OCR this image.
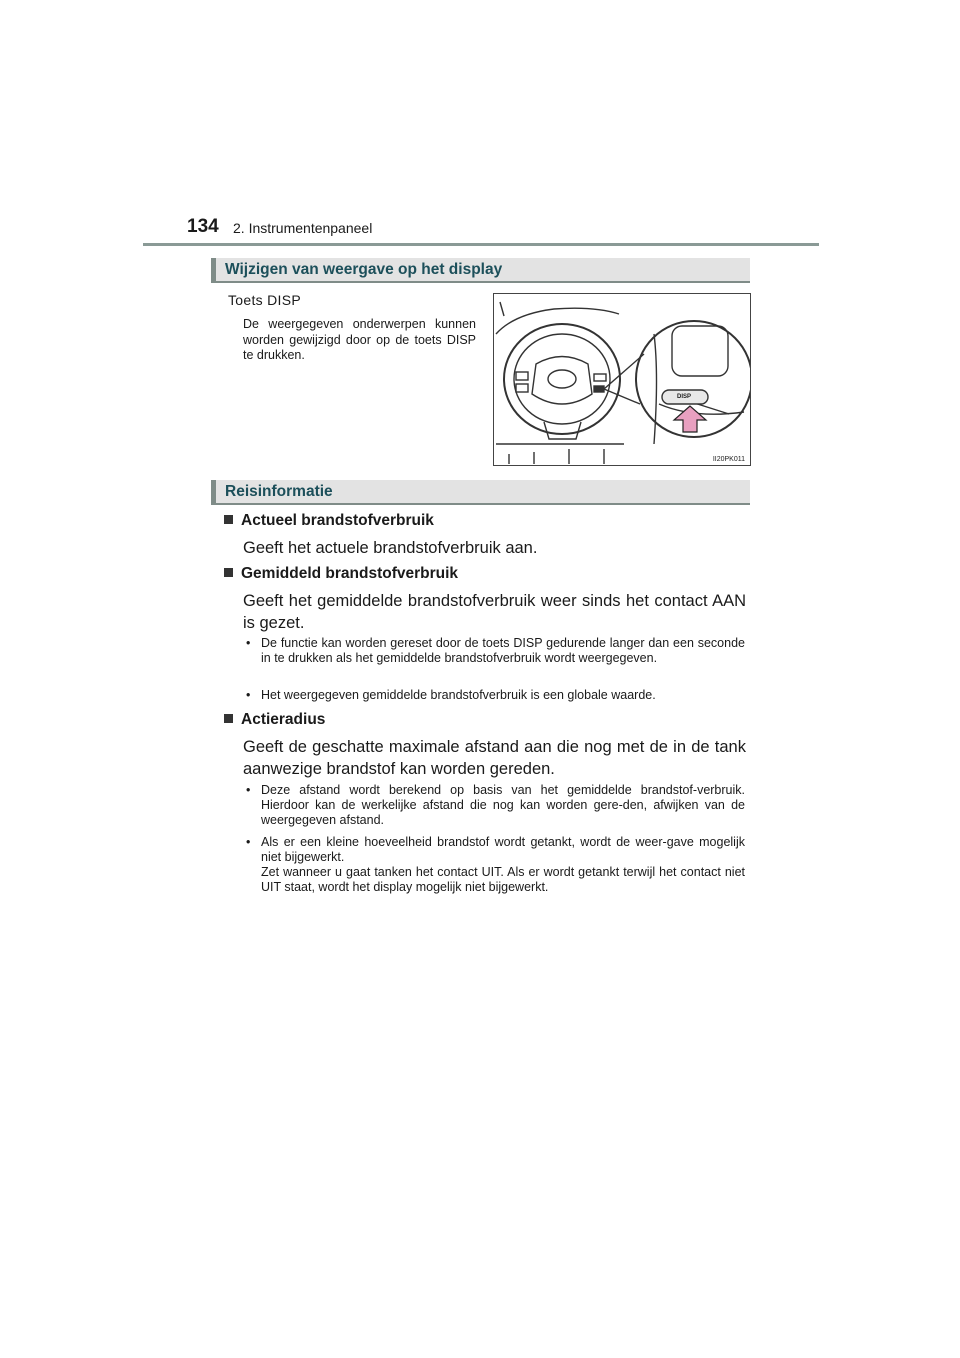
134 2. Instrumentenpaneel
Wijzigen van weergave op het display
Toets DISP
De weergegeven onderwerpen kunnen worden gewijzigd door op de toets DISP te drukken.
DISP
II20PK011
Reisinformatie
Actueel brandstofverbruik
Geeft het actuele brandstofverbruik aan.
Gemiddeld brandstofverbruik
Geeft het gemiddelde brandstofverbruik weer sinds het contact AAN is gezet.
• De functie kan worden gereset door de toets DISP gedurende langer dan een seconde in te drukken als het gemiddelde brandstofverbruik wordt weergegeven.
• Het weergegeven gemiddelde brandstofverbruik is een globale waarde.
Actieradius
Geeft de geschatte maximale afstand aan die nog met de in de tank aanwezige brandstof kan worden gereden.
• Deze afstand wordt berekend op basis van het gemiddelde brandstof-verbruik. Hierdoor kan de werkelijke afstand die nog kan worden gere-den, afwijken van de weergegeven afstand.
• Als er een kleine hoeveelheid brandstof wordt getankt, wordt de weer-gave mogelijk niet bijgewerkt.
Zet wanneer u gaat tanken het contact UIT. Als er wordt getankt terwijl het contact niet UIT staat, wordt het display mogelijk niet bijgewerkt.
